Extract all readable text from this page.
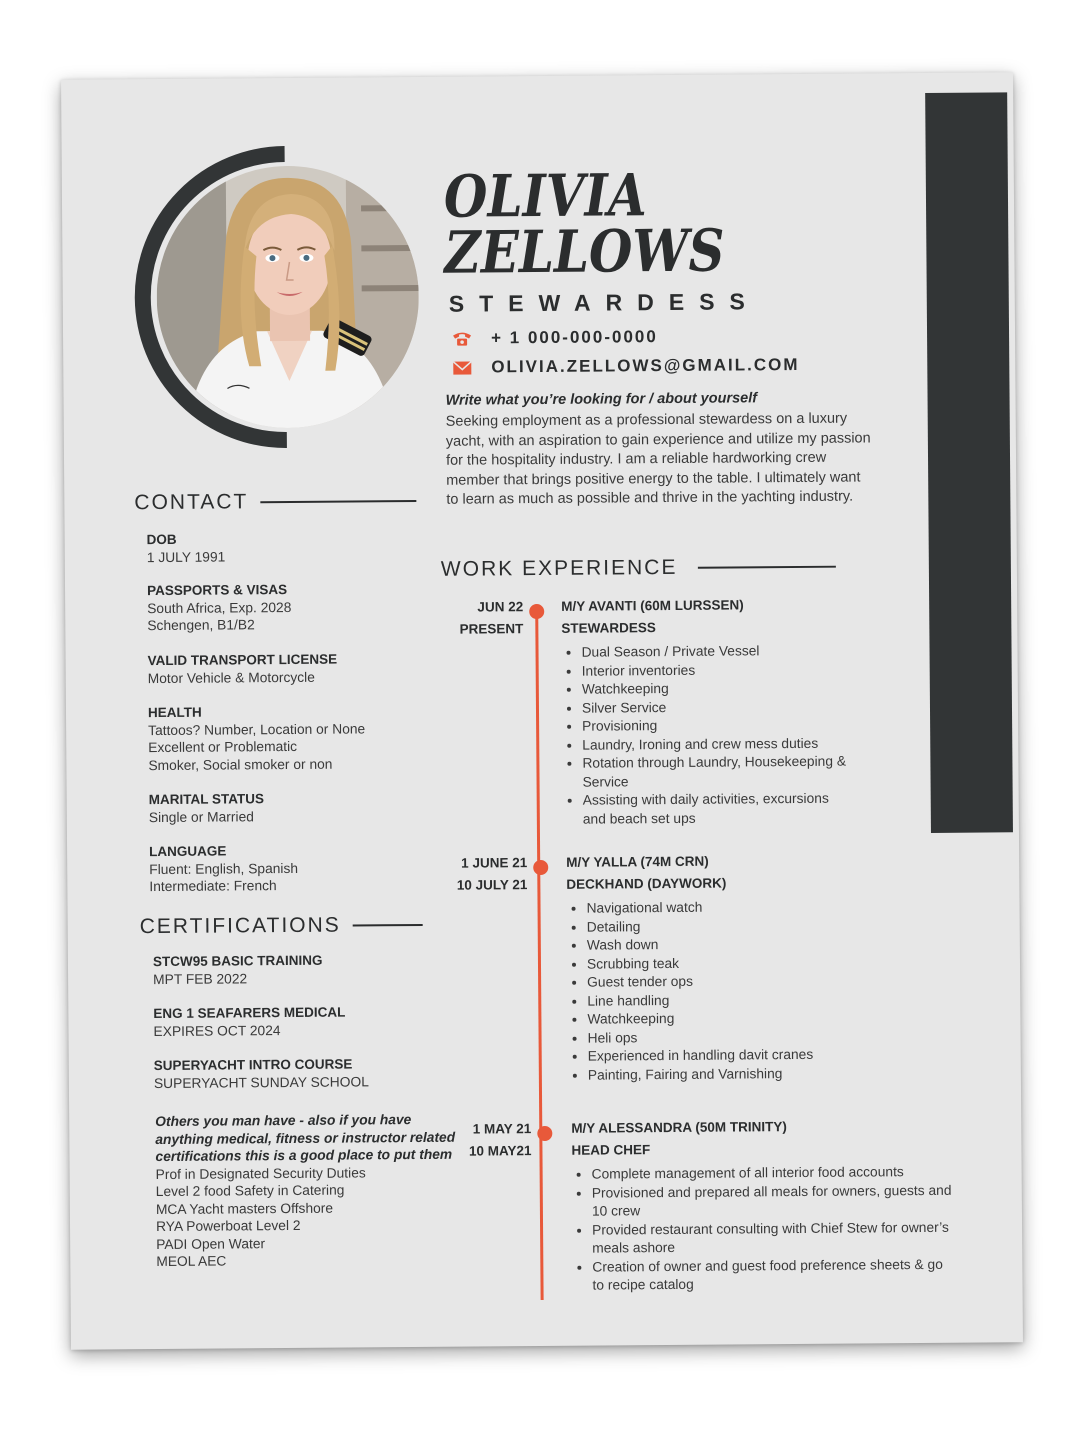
OLIVIA
ZELLOWS
STEWARDESS
+ 1 000-000-0000
OLIVIA.ZELLOWS@GMAIL.COM
Write what you’re looking for / about yourself
Seeking employment as a professional stewardess on a luxury yacht, with an aspiration to gain experience and utilize my passion for the hospitality industry. I am a reliable hardworking crew member that brings positive energy to the table. I ultimately want to learn as much as possible and thrive in the yachting industry.
CONTACT
DOB
1 JULY 1991
PASSPORTS & VISAS
South Africa, Exp. 2028
Schengen, B1/B2
VALID TRANSPORT LICENSE
Motor Vehicle & Motorcycle
HEALTH
Tattoos? Number, Location or None
Excellent or Problematic
Smoker, Social smoker or non
MARITAL STATUS
Single or Married
LANGUAGE
Fluent: English, Spanish
Intermediate: French
CERTIFICATIONS
STCW95 BASIC TRAINING
MPT FEB 2022
ENG 1 SEAFARERS MEDICAL
EXPIRES OCT 2024
SUPERYACHT INTRO COURSE
SUPERYACHT SUNDAY SCHOOL
Others you man have - also if you have anything medical, fitness or instructor related certifications this is a good place to put them
Prof in Designated Security Duties
Level 2 food Safety in Catering
MCA Yacht masters Offshore
RYA Powerboat Level 2
PADI Open Water
MEOL AEC
WORK EXPERIENCE
JUN 22
PRESENT
M/Y AVANTI (60M LURSSEN)
STEWARDESS
• Dual Season / Private Vessel
• Interior inventories
• Watchkeeping
• Silver Service
• Provisioning
• Laundry, Ironing and crew mess duties
• Rotation through Laundry, Housekeeping & Service
• Assisting with daily activities, excursions and beach set ups
1 JUNE 21
10 JULY 21
M/Y YALLA (74M CRN)
DECKHAND (DAYWORK)
• Navigational watch
• Detailing
• Wash down
• Scrubbing teak
• Guest tender ops
• Line handling
• Watchkeeping
• Heli ops
• Experienced in handling davit cranes
• Painting, Fairing and Varnishing
1 MAY 21
10 MAY21
M/Y ALESSANDRA (50M TRINITY)
HEAD CHEF
• Complete management of all interior food accounts
• Provisioned and prepared all meals for owners, guests and 10 crew
• Provided restaurant consulting with Chief Stew for owner’s meals ashore
• Creation of owner and guest food preference sheets & go to recipe catalog
